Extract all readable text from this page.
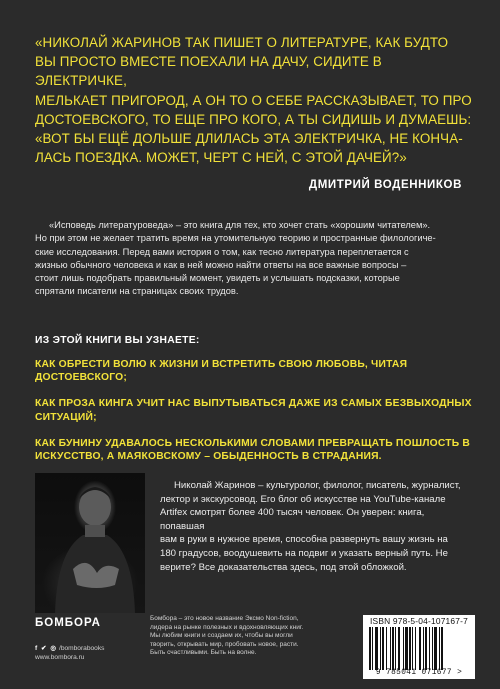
«НИКОЛАЙ ЖАРИНОВ ТАК ПИШЕТ О ЛИТЕРАТУРЕ, КАК БУДТО

ВЫ ПРОСТО ВМЕСТЕ ПОЕХАЛИ НА ДАЧУ, СИДИТЕ В ЭЛЕКТРИЧКЕ,

МЕЛЬКАЕТ ПРИГОРОД, А ОН ТО О СЕБЕ РАССКАЗЫВАЕТ, ТО ПРО

ДОСТОЕВСКОГО, ТО ЕЩЕ ПРО КОГО, А ТЫ СИДИШЬ И ДУМАЕШЬ:

«ВОТ БЫ ЕЩЁ ДОЛЬШЕ ДЛИЛАСЬ ЭТА ЭЛЕКТРИЧКА, НЕ КОНЧА-

ЛАСЬ ПОЕЗДКА. МОЖЕТ, ЧЕРТ С НЕЙ, С ЭТОЙ ДАЧЕЙ?»

ДМИТРИЙ ВОДЕННИКОВ

«Исповедь литературоведа» – это книга для тех, кто хочет стать «хорошим читателем».

Но при этом не желает тратить время на утомительную теорию и пространные филологиче-
ские исследования. Перед вами история о том, как тесно литература переплетается с
жизнью обычного человека и как в ней можно найти ответы на все важные вопросы –
стоит лишь подобрать правильный момент, увидеть и услышать подсказки, которые
спрятали писатели на страницах своих трудов.
ИЗ ЭТОЙ КНИГИ ВЫ УЗНАЕТЕ:
КАК ОБРЕСТИ ВОЛЮ К ЖИЗНИ И ВСТРЕТИТЬ СВОЮ ЛЮБОВЬ, ЧИТАЯ ДОСТОЕВСКОГО;
КАК ПРОЗА КИНГА УЧИТ НАС ВЫПУТЫВАТЬСЯ ДАЖЕ ИЗ САМЫХ БЕЗВЫХОДНЫХ СИТУАЦИЙ;
КАК БУНИНУ УДАВАЛОСЬ НЕСКОЛЬКИМИ СЛОВАМИ ПРЕВРАЩАТЬ ПОШЛОСТЬ В ИСКУССТВО, А МАЯКОВСКОМУ – ОБЫДЕННОСТЬ В СТРАДАНИЯ.

Николай Жаринов – культуролог, филолог, писатель, журналист,

лектор и экскурсовод. Его блог об искусстве на YouTube-канале
Artifex смотрят более 400 тысяч человек. Он уверен: книга, попавшая
вам в руки в нужное время, способна развернуть вашу жизнь на
180 градусов, воодушевить на подвиг и указать верный путь. Не
верите? Все доказательства здесь, под этой обложкой.
БОМБОРА
f ✔ ◎ /bomborabooks
www.bombora.ru
Бомбора – это новое название Эксмо Non-fiction,
лидера на рынке полезных и вдохновляющих книг.
Мы любим книги и создаем их, чтобы вы могли
творить, открывать мир, пробовать новое, расти.
Быть счастливыми. Быть на волне.
ISBN 978-5-04-107167-7
9 785041 071677 >
